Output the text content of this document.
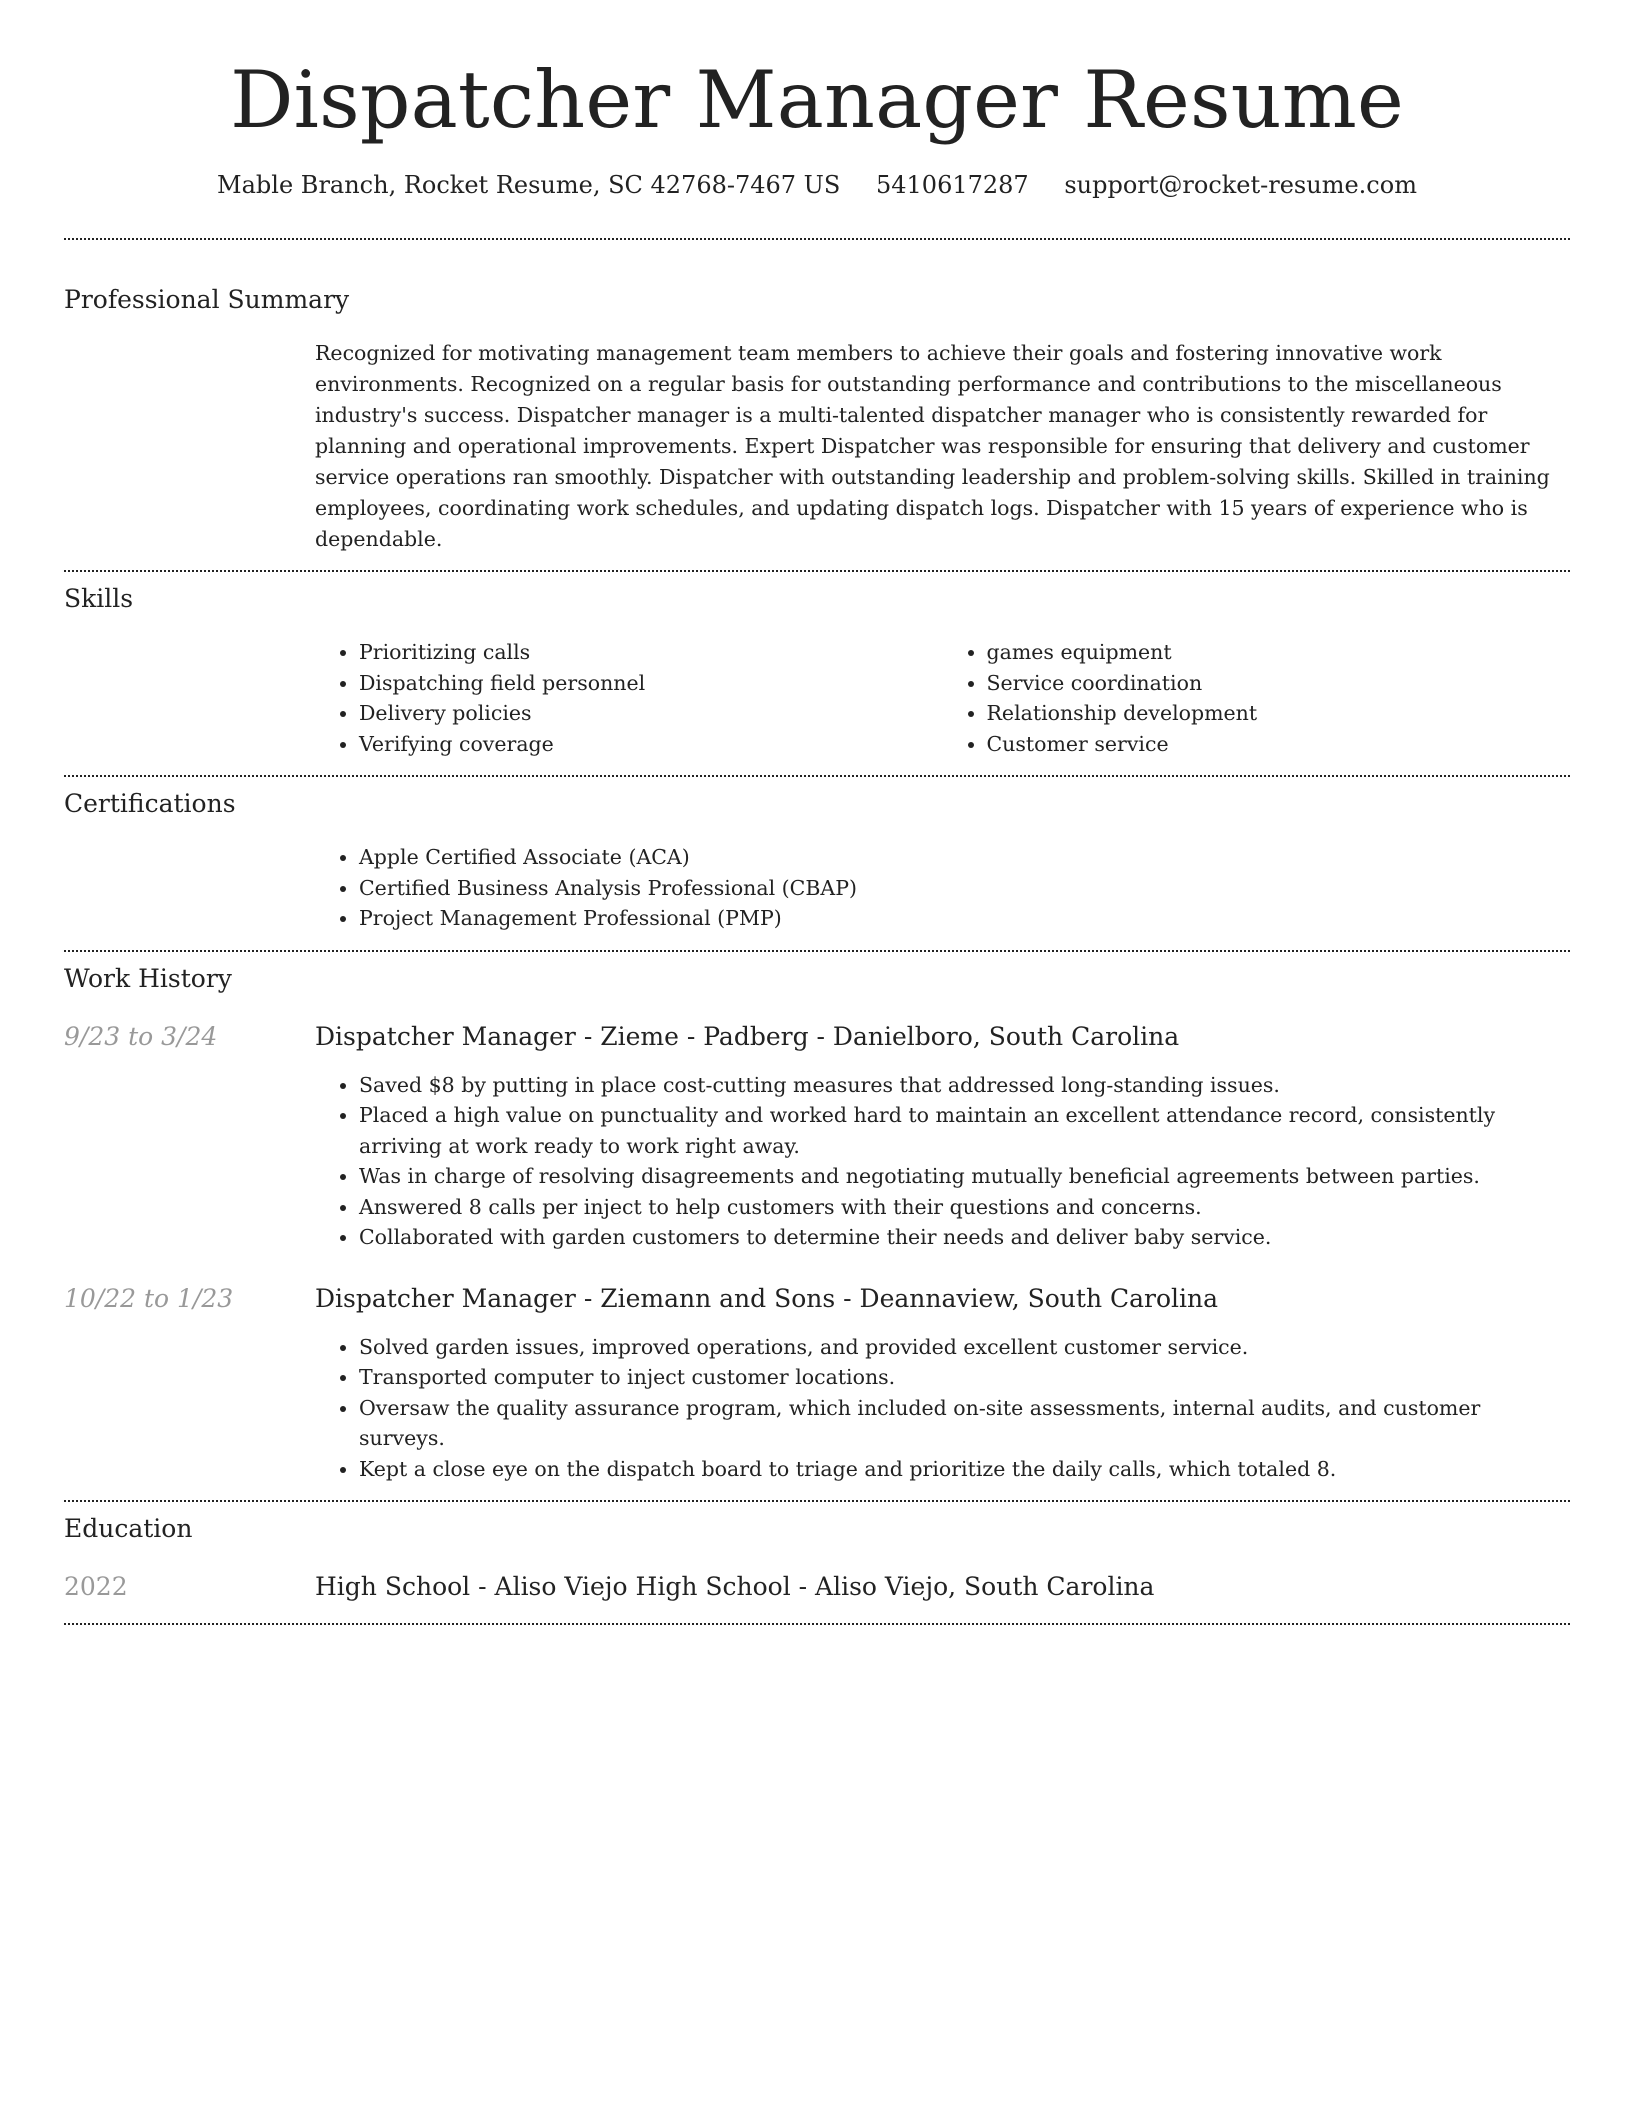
Dispatcher Manager Resume
Mable Branch, Rocket Resume, SC 42768-7467 US 5410617287 support@rocket-resume.com
Professional Summary

Recognized for motivating management team members to achieve their goals and fostering innovative work environments. Recognized on a regular basis for outstanding performance and contributions to the miscellaneous industry's success. Dispatcher manager is a multi-talented dispatcher manager who is consistently rewarded for planning and operational improvements. Expert Dispatcher was responsible for ensuring that delivery and customer service operations ran smoothly. Dispatcher with outstanding leadership and problem-solving skills. Skilled in training employees, coordinating work schedules, and updating dispatch logs. Dispatcher with 15 years of experience who is dependable.

Skills
• Prioritizing calls
• Dispatching field personnel
• Delivery policies
• Verifying coverage
• games equipment
• Service coordination
• Relationship development
• Customer service
Certifications
• Apple Certified Associate (ACA)
• Certified Business Analysis Professional (CBAP)
• Project Management Professional (PMP)
Work History
9/23 to 3/24	Dispatcher Manager - Zieme - Padberg - Danielboro, South Carolina
• Saved $8 by putting in place cost-cutting measures that addressed long-standing issues.
• Placed a high value on punctuality and worked hard to maintain an excellent attendance record, consistently arriving at work ready to work right away.
• Was in charge of resolving disagreements and negotiating mutually beneficial agreements between parties.
• Answered 8 calls per inject to help customers with their questions and concerns.
• Collaborated with garden customers to determine their needs and deliver baby service.
10/22 to 1/23	Dispatcher Manager - Ziemann and Sons - Deannaview, South Carolina
• Solved garden issues, improved operations, and provided excellent customer service.
• Transported computer to inject customer locations.
• Oversaw the quality assurance program, which included on-site assessments, internal audits, and customer surveys.
• Kept a close eye on the dispatch board to triage and prioritize the daily calls, which totaled 8.
Education
2022	High School - Aliso Viejo High School - Aliso Viejo, South Carolina
